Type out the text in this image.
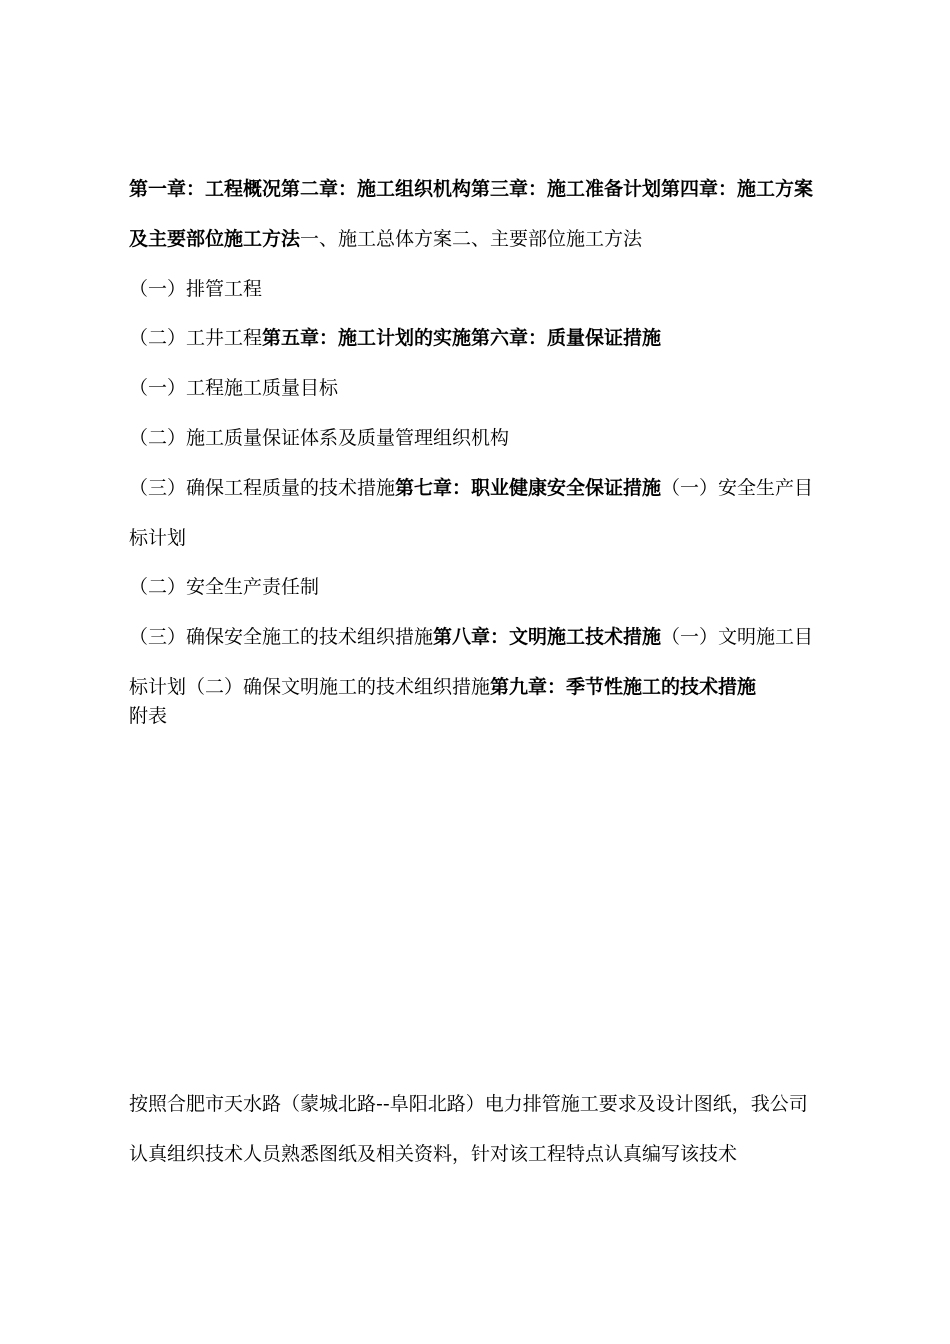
第一章：工程概况第二章：施工组织机构第三章：施工准备计划第四章：施工方案及主要部位施工方法一、施工总体方案二、主要部位施工方法

（一）排管工程

（二）工井工程第五章：施工计划的实施第六章：质量保证措施

（一）工程施工质量目标

（二）施工质量保证体系及质量管理组织机构

（三）确保工程质量的技术措施第七章：职业健康安全保证措施（一）安全生产目标计划

（二）安全生产责任制

（三）确保安全施工的技术组织措施第八章：文明施工技术措施（一）文明施工目标计划（二）确保文明施工的技术组织措施第九章：季节性施工的技术措施

附表

按照合肥市天水路（蒙城北路--阜阳北路）电力排管施工要求及设计图纸，我公司认真组织技术人员熟悉图纸及相关资料，针对该工程特点认真编写该技术
